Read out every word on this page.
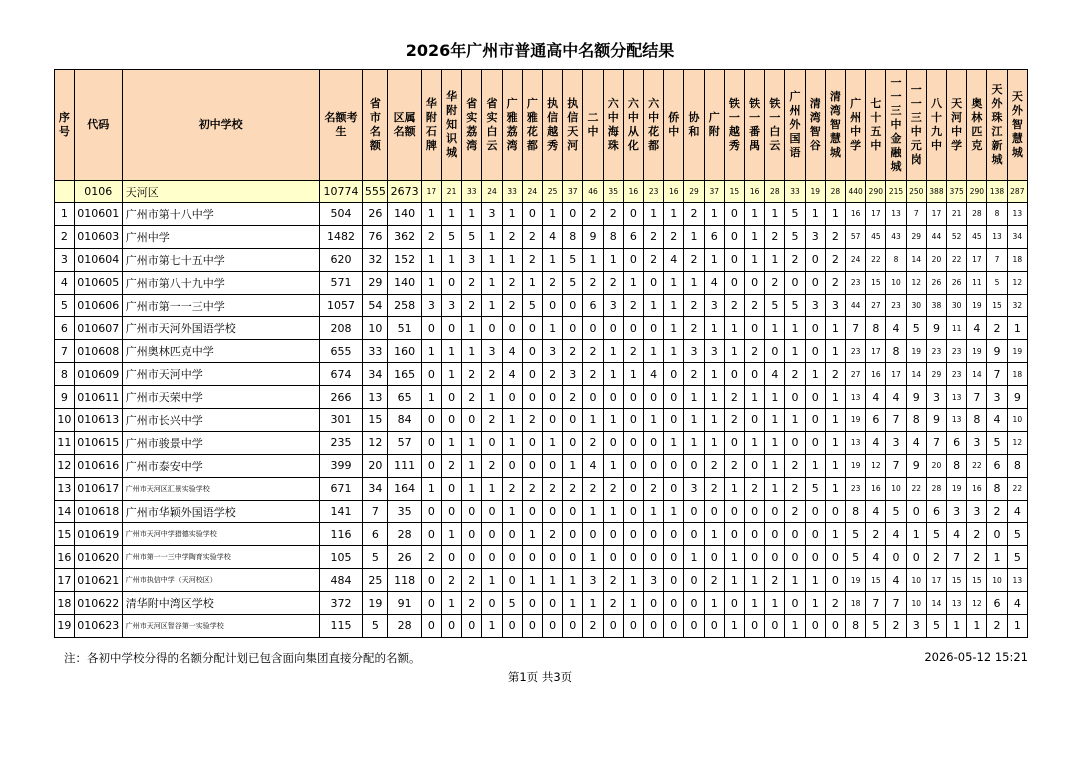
2026年广州市普通高中名额分配结果
序号	代码	初中学校	名额考生	省市名额	区属名额	华附石牌	华附知识城	省实荔湾	省实白云	广雅荔湾	广雅花都	执信越秀	执信天河	二中	六中海珠	六中从化	六中花都	侨中	协和	广附	铁一越秀	铁一番禺	铁一白云	广州外国语	清湾智谷	清湾智慧城	广州中学	七十五中	一一三中金融城	一一三中元岗	八十九中	天河中学	奥林匹克	天外珠江新城	天外智慧城

	0106	天河区	10774	555	2673	17	21	33	24	33	24	25	37	46	35	16	23	16	29	37	15	16	28	33	19	28	440	290	215	250	388	375	290	138	287
1	010601	广州市第十八中学	504	26	140	1	1	1	3	1	0	1	0	2	2	0	1	1	2	1	0	1	1	5	1	1	16	17	13	7	17	21	28	8	13
2	010603	广州中学	1482	76	362	2	5	5	1	2	2	4	8	9	8	6	2	2	1	6	0	1	2	5	3	2	57	45	43	29	44	52	45	13	34
3	010604	广州市第七十五中学	620	32	152	1	1	3	1	1	2	1	5	1	1	0	2	4	2	1	0	1	1	2	0	2	24	22	8	14	20	22	17	7	18
4	010605	广州市第八十九中学	571	29	140	1	0	2	1	2	1	2	5	2	2	1	0	1	1	4	0	0	2	0	0	2	23	15	10	12	26	26	11	5	12
5	010606	广州市第一一三中学	1057	54	258	3	3	2	1	2	5	0	0	6	3	2	1	1	2	3	2	2	5	5	3	3	44	27	23	30	38	30	19	15	32
6	010607	广州市天河外国语学校	208	10	51	0	0	1	0	0	0	1	0	0	0	0	0	1	2	1	1	0	1	1	0	1	7	8	4	5	9	11	4	2	1
7	010608	广州奥林匹克中学	655	33	160	1	1	1	3	4	0	3	2	2	1	2	1	1	3	3	1	2	0	1	0	1	23	17	8	19	23	23	19	9	19
8	010609	广州市天河中学	674	34	165	0	1	2	2	4	0	2	3	2	1	1	4	0	2	1	0	0	4	2	1	2	27	16	17	14	29	23	14	7	18
9	010611	广州市天荣中学	266	13	65	1	0	2	1	0	0	0	2	0	0	0	0	0	1	1	2	1	1	0	0	1	13	4	4	9	3	13	7	3	9
10	010613	广州市长兴中学	301	15	84	0	0	0	2	1	2	0	0	1	1	0	1	0	1	1	2	0	1	1	0	1	19	6	7	8	9	13	8	4	10
11	010615	广州市骏景中学	235	12	57	0	1	1	0	1	0	1	0	2	0	0	0	1	1	1	0	1	1	0	0	1	13	4	3	4	7	6	3	5	12
12	010616	广州市泰安中学	399	20	111	0	2	1	2	0	0	0	1	4	1	0	0	0	0	2	2	0	1	2	1	1	19	12	7	9	20	8	22	6	8
13	010617	广州市天河区汇景实验学校	671	34	164	1	0	1	1	2	2	2	2	2	2	0	2	0	3	2	1	2	1	2	5	1	23	16	10	22	28	19	16	8	22
14	010618	广州市华颖外国语学校	141	7	35	0	0	0	0	1	0	0	0	1	1	0	1	1	0	0	0	0	0	2	0	0	8	4	5	0	6	3	3	2	4
15	010619	广州市天河中学猎德实验学校	116	6	28	0	1	0	0	0	1	2	0	0	0	0	0	0	0	1	0	0	0	0	0	1	5	2	4	1	5	4	2	0	5
16	010620	广州市第一一三中学陶育实验学校	105	5	26	2	0	0	0	0	0	0	0	1	0	0	0	0	1	0	1	0	0	0	0	0	5	4	0	0	2	7	2	1	5
17	010621	广州市执信中学（天河校区）	484	25	118	0	2	2	1	0	1	1	1	3	2	1	3	0	0	2	1	1	2	1	1	0	19	15	4	10	17	15	15	10	13
18	010622	清华附中湾区学校	372	19	91	0	1	2	0	5	0	0	1	1	2	1	0	0	0	1	0	1	1	0	1	2	18	7	7	10	14	13	12	6	4
19	010623	广州市天河区智谷第一实验学校	115	5	28	0	0	0	1	0	0	0	0	2	0	0	0	0	0	0	1	0	0	1	0	0	8	5	2	3	5	1	1	2	1
注：各初中学校分得的名额分配计划已包含面向集团直接分配的名额。	2026-05-12 15:21
第1页 共3页
